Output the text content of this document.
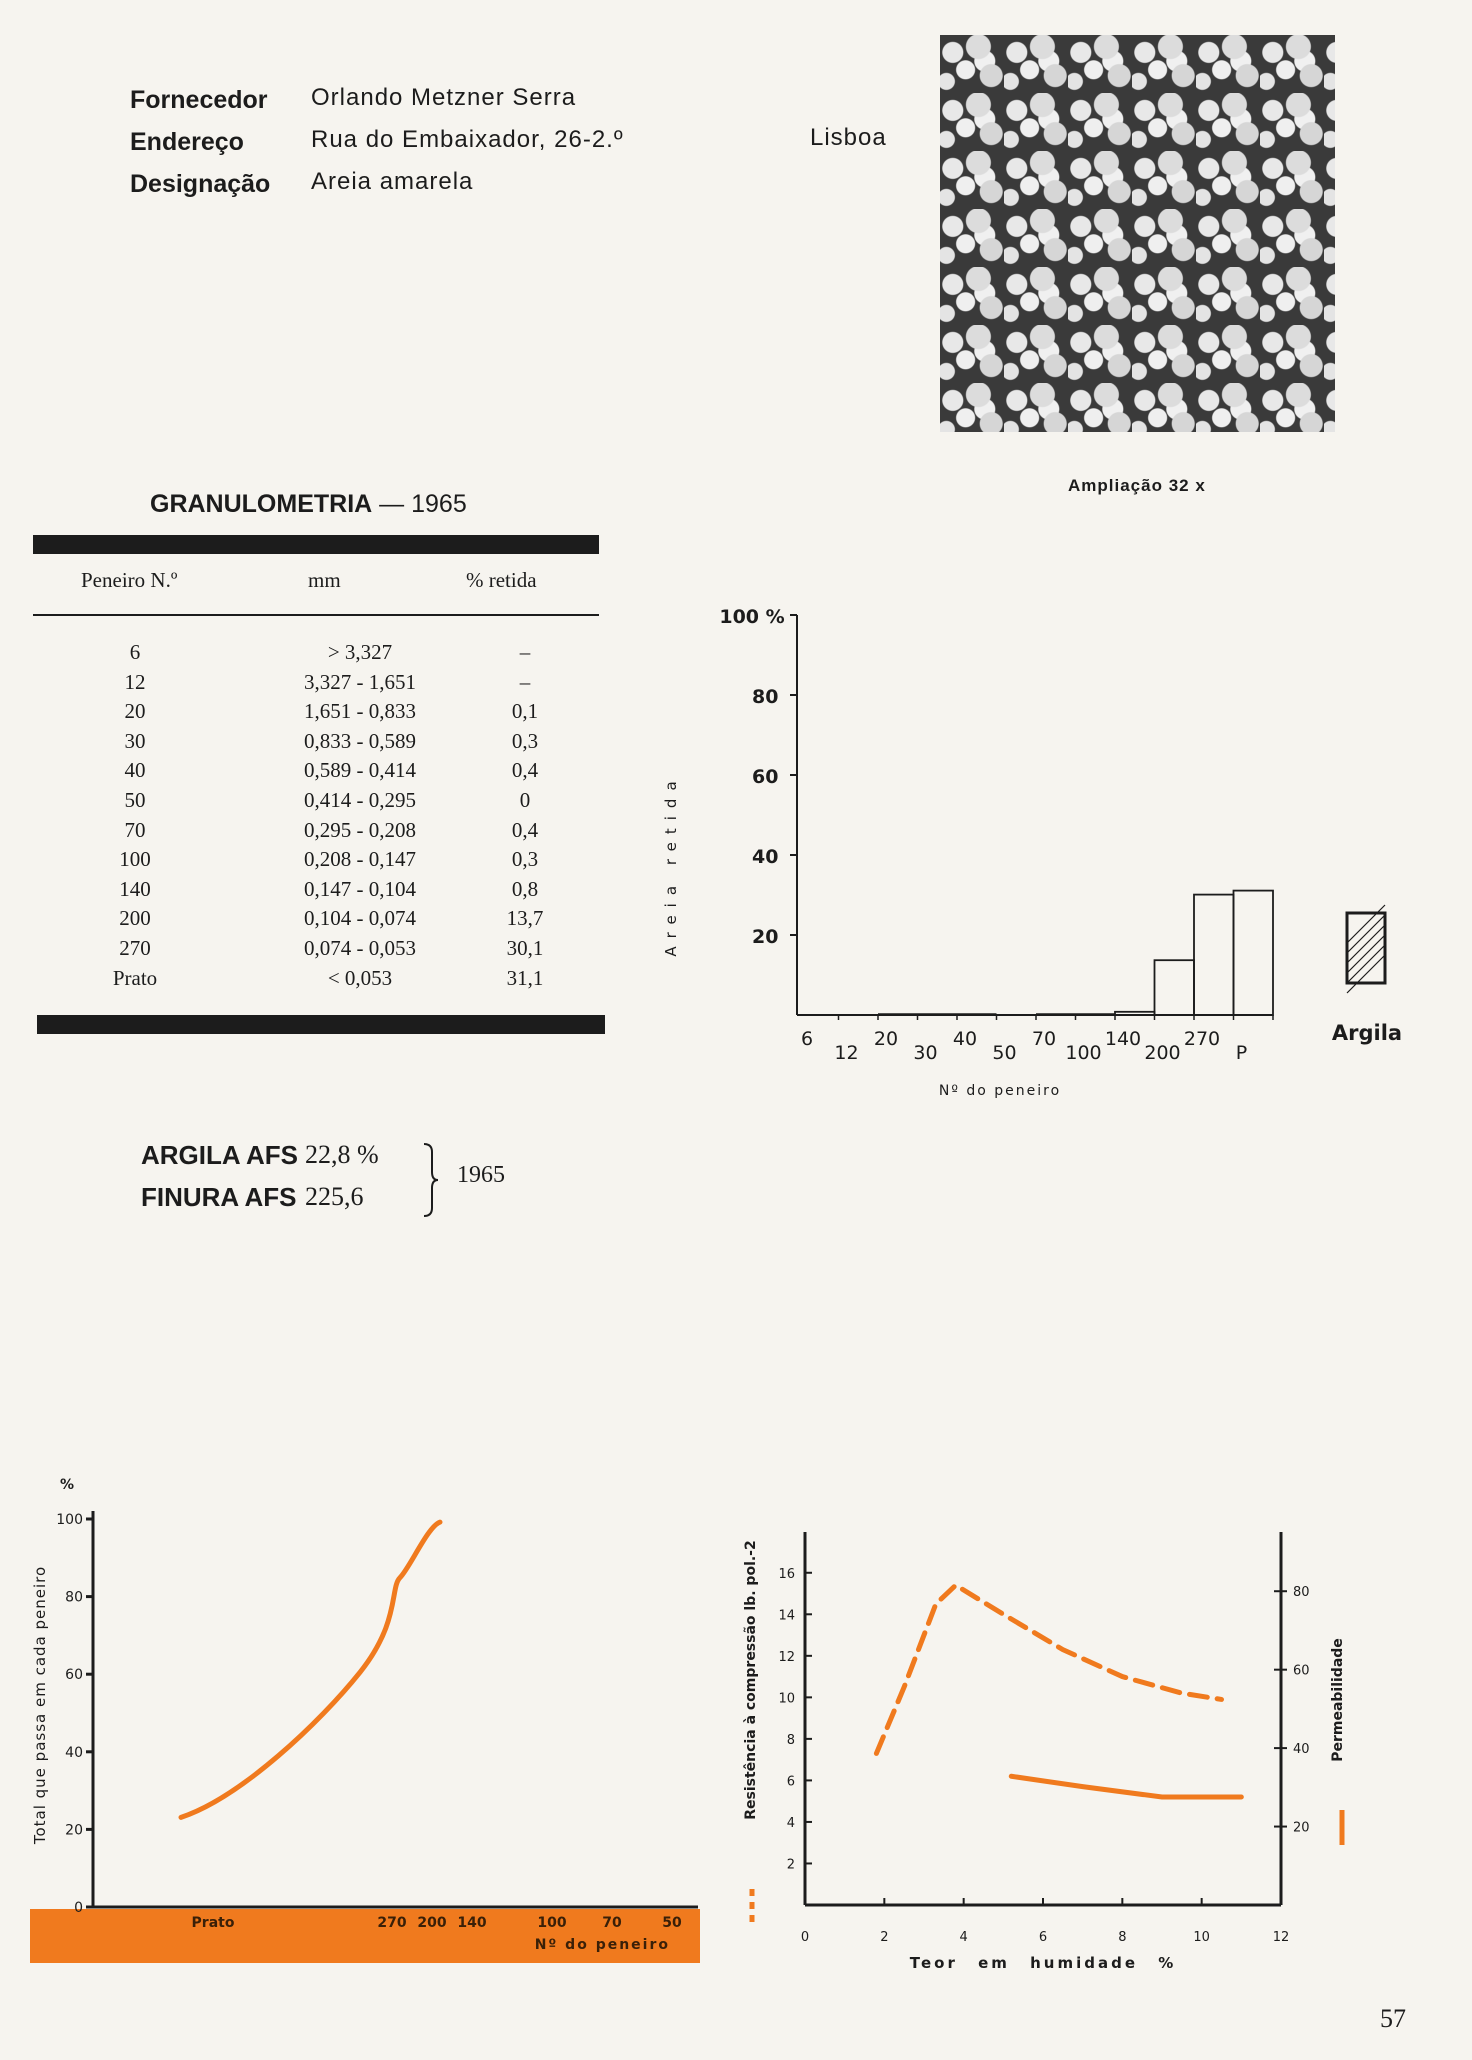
Fornecedor Orlando Metzner Serra
Endereço	Rua do Embaixador, 26-2.º	Lisboa
Designação Areia amarela
Ampliação 32 x
GRANULOMETRIA — 1965
Peneiro N.º	mm	% retida
6	> 3,327	–
12	3,327 - 1,651	–
20	1,651 - 0,833	0,1
30	0,833 - 0,589	0,3
40	0,589 - 0,414	0,4
50	0,414 - 0,295	0
70	0,295 - 0,208	0,4
100	0,208 - 0,147	0,3
140	0,147 - 0,104	0,8
200	0,104 - 0,074	13,7
270	0,074 - 0,053	30,1
Prato	< 0,053	31,1
ARGILA AFS 22,8 %
FINURA AFS 225,6
1965
100 %
80
60
40
20
Areia retida
6
12
20
30
40
50
70
100
140
200
270
P
Nº do peneiro
Argila
%
0
20
40
60
80
100
Total que passa em cada peneiro
Prato	270 200 140	100	70	50
Nº do peneiro
2
4
6
8
10
12
14
16
20
40
60
80
0	2	4	6	8	10	12
Teor em humidade %
Resistência à compressão lb. pol.-2	Permeabilidade
57
